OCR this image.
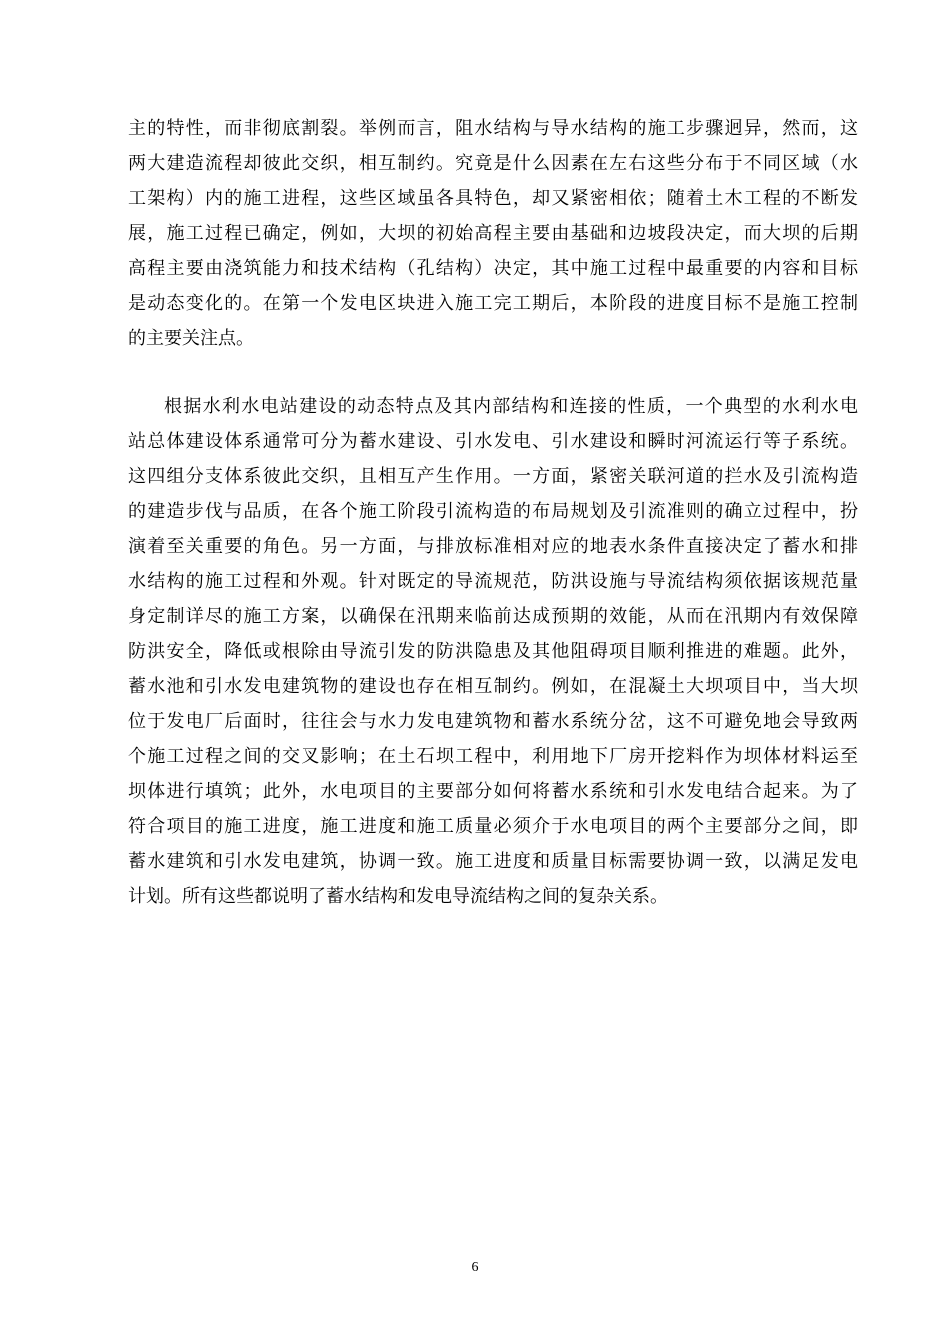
主的特性，而非彻底割裂。举例而言，阻水结构与导水结构的施工步骤迥异，然而，这
两大建造流程却彼此交织，相互制约。究竟是什么因素在左右这些分布于不同区域（水
工架构）内的施工进程，这些区域虽各具特色，却又紧密相依；随着土木工程的不断发
展，施工过程已确定，例如，大坝的初始高程主要由基础和边坡段决定，而大坝的后期
高程主要由浇筑能力和技术结构（孔结构）决定，其中施工过程中最重要的内容和目标
是动态变化的。在第一个发电区块进入施工完工期后，本阶段的进度目标不是施工控制
的主要关注点。
根据水利水电站建设的动态特点及其内部结构和连接的性质，一个典型的水利水电
站总体建设体系通常可分为蓄水建设、引水发电、引水建设和瞬时河流运行等子系统。
这四组分支体系彼此交织，且相互产生作用。一方面，紧密关联河道的拦水及引流构造
的建造步伐与品质，在各个施工阶段引流构造的布局规划及引流准则的确立过程中，扮
演着至关重要的角色。另一方面，与排放标准相对应的地表水条件直接决定了蓄水和排
水结构的施工过程和外观。针对既定的导流规范，防洪设施与导流结构须依据该规范量
身定制详尽的施工方案，以确保在汛期来临前达成预期的效能，从而在汛期内有效保障
防洪安全，降低或根除由导流引发的防洪隐患及其他阻碍项目顺利推进的难题。此外，
蓄水池和引水发电建筑物的建设也存在相互制约。例如，在混凝土大坝项目中，当大坝
位于发电厂后面时，往往会与水力发电建筑物和蓄水系统分岔，这不可避免地会导致两
个施工过程之间的交叉影响；在土石坝工程中，利用地下厂房开挖料作为坝体材料运至
坝体进行填筑；此外，水电项目的主要部分如何将蓄水系统和引水发电结合起来。为了
符合项目的施工进度，施工进度和施工质量必须介于水电项目的两个主要部分之间，即
蓄水建筑和引水发电建筑，协调一致。施工进度和质量目标需要协调一致，以满足发电
计划。所有这些都说明了蓄水结构和发电导流结构之间的复杂关系。
6
